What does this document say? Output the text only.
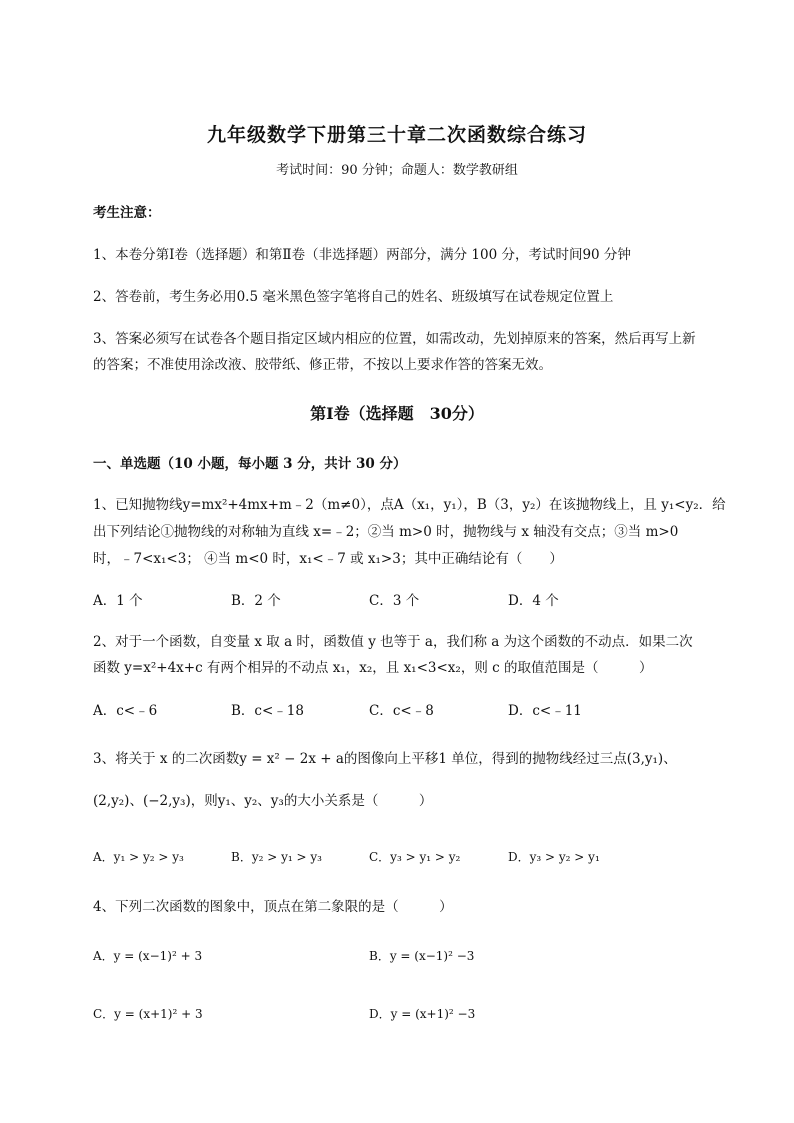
九年级数学下册第三十章二次函数综合练习
考试时间：90 分钟；命题人：数学教研组
考生注意：
1、本卷分第Ⅰ卷（选择题）和第Ⅱ卷（非选择题）两部分，满分 100 分，考试时间90 分钟
2、答卷前，考生务必用0.5 毫米黑色签字笔将自己的姓名、班级填写在试卷规定位置上
3、答案必须写在试卷各个题目指定区域内相应的位置，如需改动，先划掉原来的答案，然后再写上新
的答案；不准使用涂改液、胶带纸、修正带，不按以上要求作答的答案无效。
第Ⅰ卷（选择题　30分）
一、单选题（10 小题，每小题 3 分，共计 30 分）
1、已知抛物线y=mx²+4mx+m﹣2（m≠0），点A（x₁，y₁），B（3，y₂）在该抛物线上，且 y₁<y₂．给
出下列结论①抛物线的对称轴为直线 x=﹣2；②当 m>0 时，抛物线与 x 轴没有交点；③当 m>0
时，﹣7<x₁<3； ④当 m<0 时，x₁<﹣7 或 x₁>3；其中正确结论有（　　）
A．1 个	B．2 个	C．3 个	D．4 个
2、对于一个函数，自变量 x 取 a 时，函数值 y 也等于 a，我们称 a 为这个函数的不动点．如果二次
函数 y=x²+4x+c 有两个相异的不动点 x₁，x₂，且 x₁<3<x₂，则 c 的取值范围是（　　　）
A．c<﹣6	B．c<﹣18	C．c<﹣8	D．c<﹣11
3、将关于 x 的二次函数y = x² − 2x + a的图像向上平移1 单位，得到的抛物线经过三点(3,y₁)、
(2,y₂)、(−2,y₃)，则y₁、y₂、y₃的大小关系是（　　　）
A．y₁ > y₂ > y₃	B．y₂ > y₁ > y₃	C．y₃ > y₁ > y₂	D．y₃ > y₂ > y₁
4、下列二次函数的图象中，顶点在第二象限的是（　　　）
A．y = (x−1)² + 3	B．y = (x−1)² −3
C．y = (x+1)² + 3	D．y = (x+1)² −3
